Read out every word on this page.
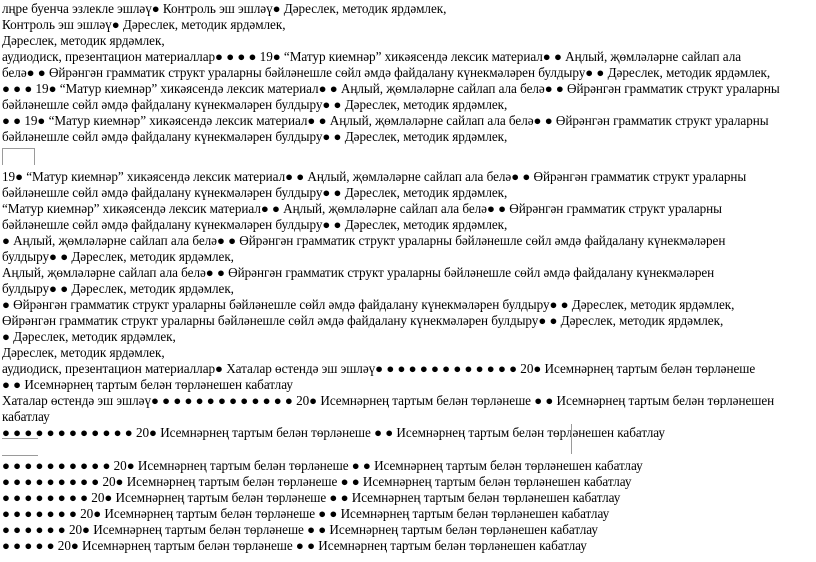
лңре буенча эзлекле эшләү● Контроль эш эшләү● Дәреслек, методик ярдәмлек,
Контроль эш эшләү● Дәреслек, методик ярдәмлек,
Дәреслек, методик ярдәмлек,
аудиодиск, презентацион материаллар● ● ● ● 19● “Матур киемнәр” хикәясендә лексик материал● ● Аңлый, җөмләләрне сайлап ала
белә● ● Өйрәнгән грамматик структ ураларны бәйләнешле сөйл әмдә файдалану күнекмәләрен булдыру● ● Дәреслек, методик ярдәмлек,
● ● ● 19● “Матур киемнәр” хикәясендә лексик материал● ● Аңлый, җөмләләрне сайлап ала белә● ● Өйрәнгән грамматик структ ураларны
бәйләнешле сөйл әмдә файдалану күнекмәләрен булдыру● ● Дәреслек, методик ярдәмлек,
● ● 19● “Матур киемнәр” хикәясендә лексик материал● ● Аңлый, җөмләләрне сайлап ала белә● ● Өйрәнгән грамматик структ ураларны
бәйләнешле сөйл әмдә файдалану күнекмәләрен булдыру● ● Дәреслек, методик ярдәмлек,
19● “Матур киемнәр” хикәясендә лексик материал● ● Аңлый, җөмләләрне сайлап ала белә● ● Өйрәнгән грамматик структ ураларны
бәйләнешле сөйл әмдә файдалану күнекмәләрен булдыру● ● Дәреслек, методик ярдәмлек,
“Матур киемнәр” хикәясендә лексик материал● ● Аңлый, җөмләләрне сайлап ала белә● ● Өйрәнгән грамматик структ ураларны
бәйләнешле сөйл әмдә файдалану күнекмәләрен булдыру● ● Дәреслек, методик ярдәмлек,
● Аңлый, җөмләләрне сайлап ала белә● ● Өйрәнгән грамматик структ ураларны бәйләнешле сөйл әмдә файдалану күнекмәләрен
булдыру● ● Дәреслек, методик ярдәмлек,
Аңлый, җөмләләрне сайлап ала белә● ● Өйрәнгән грамматик структ ураларны бәйләнешле сөйл әмдә файдалану күнекмәләрен
булдыру● ● Дәреслек, методик ярдәмлек,
● Өйрәнгән грамматик структ ураларны бәйләнешле сөйл әмдә файдалану күнекмәләрен булдыру● ● Дәреслек, методик ярдәмлек,
Өйрәнгән грамматик структ ураларны бәйләнешле сөйл әмдә файдалану күнекмәләрен булдыру● ● Дәреслек, методик ярдәмлек,
● Дәреслек, методик ярдәмлек,
Дәреслек, методик ярдәмлек,
аудиодиск, презентацион материаллар● Хаталар өстендә эш эшләү● ● ● ● ● ● ● ● ● ● ● ● ● 20● Исемнәрнең тартым белән төрләнеше
● ● Исемнәрнең тартым белән төрләнешен кабатлау
Хаталар өстендә эш эшләү● ● ● ● ● ● ● ● ● ● ● ● ● 20● Исемнәрнең тартым белән төрләнеше ● ● Исемнәрнең тартым белән төрләнешен
кабатлау
● ● ● ● ● ● ● ● ● ● ● ● 20● Исемнәрнең тартым белән төрләнеше ● ● Исемнәрнең тартым белән төрләнешен кабатлау
● ● ● ● ● ● ● ● ● ● 20● Исемнәрнең тартым белән төрләнеше ● ● Исемнәрнең тартым белән төрләнешен кабатлау
● ● ● ● ● ● ● ● ● 20● Исемнәрнең тартым белән төрләнеше ● ● Исемнәрнең тартым белән төрләнешен кабатлау
● ● ● ● ● ● ● ● 20● Исемнәрнең тартым белән төрләнеше ● ● Исемнәрнең тартым белән төрләнешен кабатлау
● ● ● ● ● ● ● 20● Исемнәрнең тартым белән төрләнеше ● ● Исемнәрнең тартым белән төрләнешен кабатлау
● ● ● ● ● ● 20● Исемнәрнең тартым белән төрләнеше ● ● Исемнәрнең тартым белән төрләнешен кабатлау
● ● ● ● ● 20● Исемнәрнең тартым белән төрләнеше ● ● Исемнәрнең тартым белән төрләнешен кабатлау
